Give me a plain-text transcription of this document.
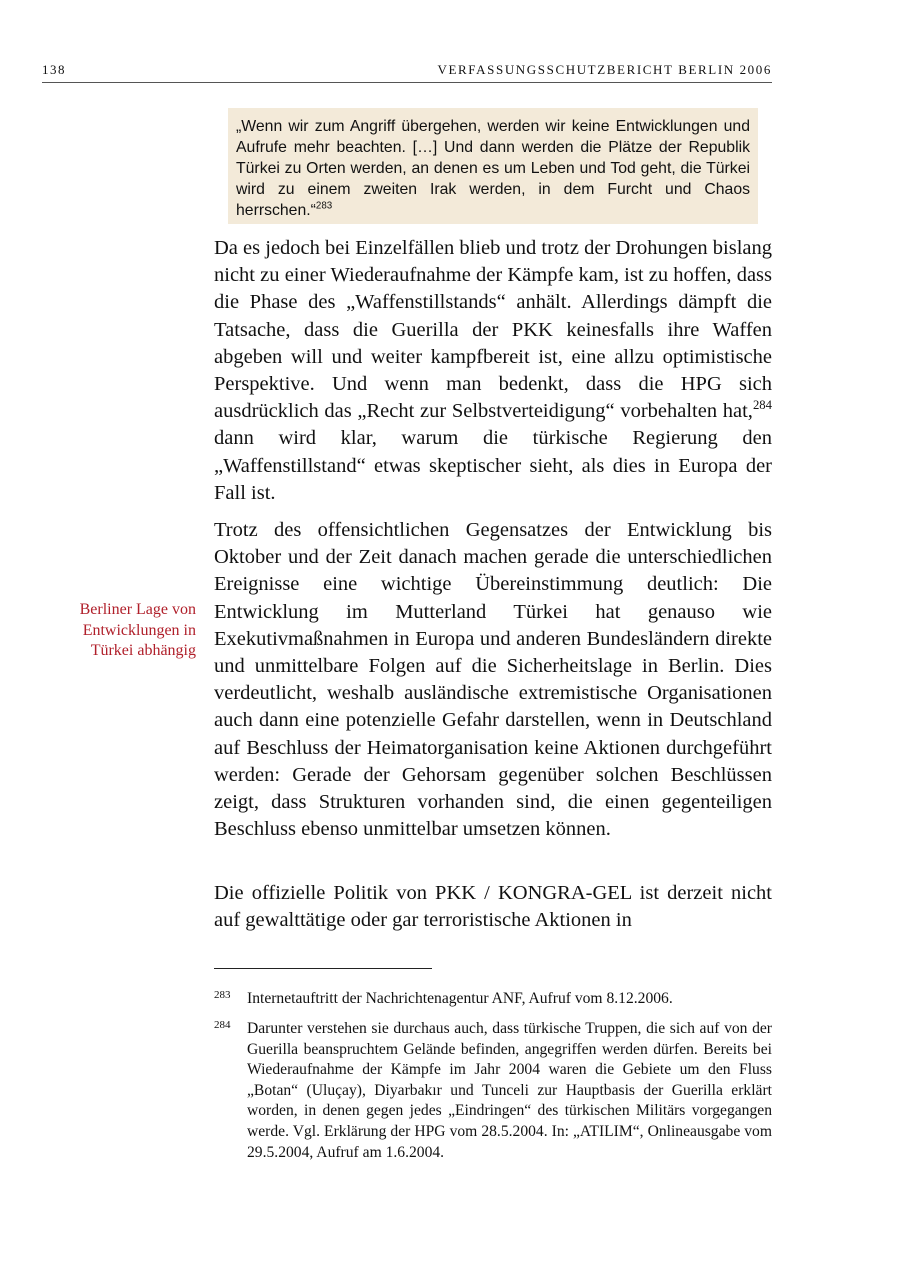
138	VERFASSUNGSSCHUTZBERICHT BERLIN 2006
„Wenn wir zum Angriff übergehen, werden wir keine Entwicklungen und Aufrufe mehr beachten. […] Und dann werden die Plätze der Republik Türkei zu Orten werden, an denen es um Leben und Tod geht, die Türkei wird zu einem zweiten Irak werden, in dem Furcht und Chaos herrschen.“$^{283}$

Da es jedoch bei Einzelfällen blieb und trotz der Drohungen bislang nicht zu einer Wiederaufnahme der Kämpfe kam, ist zu hoffen, dass die Phase des „Waffenstillstands“ anhält. Allerdings dämpft die Tatsache, dass die Guerilla der PKK keinesfalls ihre Waffen abgeben will und weiter kampfbereit ist, eine allzu optimistische Perspektive. Und wenn man bedenkt, dass die HPG sich ausdrücklich das „Recht zur Selbstverteidigung“ vorbehalten hat,$^{284}$ dann wird klar, warum die türkische Regierung den „Waffenstillstand“ etwas skeptischer sieht, als dies in Europa der Fall ist.

Berliner Lage von
Entwicklungen in
Türkei abhängig

Trotz des offensichtlichen Gegensatzes der Entwicklung bis Oktober und der Zeit danach machen gerade die unterschiedlichen Ereignisse eine wichtige Übereinstimmung deutlich: Die Entwicklung im Mutterland Türkei hat genauso wie Exekutivmaßnahmen in Europa und anderen Bundesländern direkte und unmittelbare Folgen auf die Sicherheitslage in Berlin. Dies verdeutlicht, weshalb ausländische extremistische Organisationen auch dann eine potenzielle Gefahr darstellen, wenn in Deutschland auf Beschluss der Heimatorganisation keine Aktionen durchgeführt werden: Gerade der Gehorsam gegenüber solchen Beschlüssen zeigt, dass Strukturen vorhanden sind, die einen gegenteiligen Beschluss ebenso unmittelbar umsetzen können.

Die offizielle Politik von PKK / KONGRA-GEL ist derzeit nicht auf gewalttätige oder gar terroristische Aktionen in

283 Internetauftritt der Nachrichtenagentur ANF, Aufruf vom 8.12.2006.
284 Darunter verstehen sie durchaus auch, dass türkische Truppen, die sich auf von der Guerilla beanspruchtem Gelände befinden, angegriffen werden dürfen. Bereits bei Wiederaufnahme der Kämpfe im Jahr 2004 waren die Gebiete um den Fluss „Botan“ (Uluçay), Diyarbakır und Tunceli zur Hauptbasis der Guerilla erklärt worden, in denen gegen jedes „Eindringen“ des türkischen Militärs vorgegangen werde. Vgl. Erklärung der HPG vom 28.5.2004. In: „ATILIM“, Onlineausgabe vom 29.5.2004, Aufruf am 1.6.2004.
